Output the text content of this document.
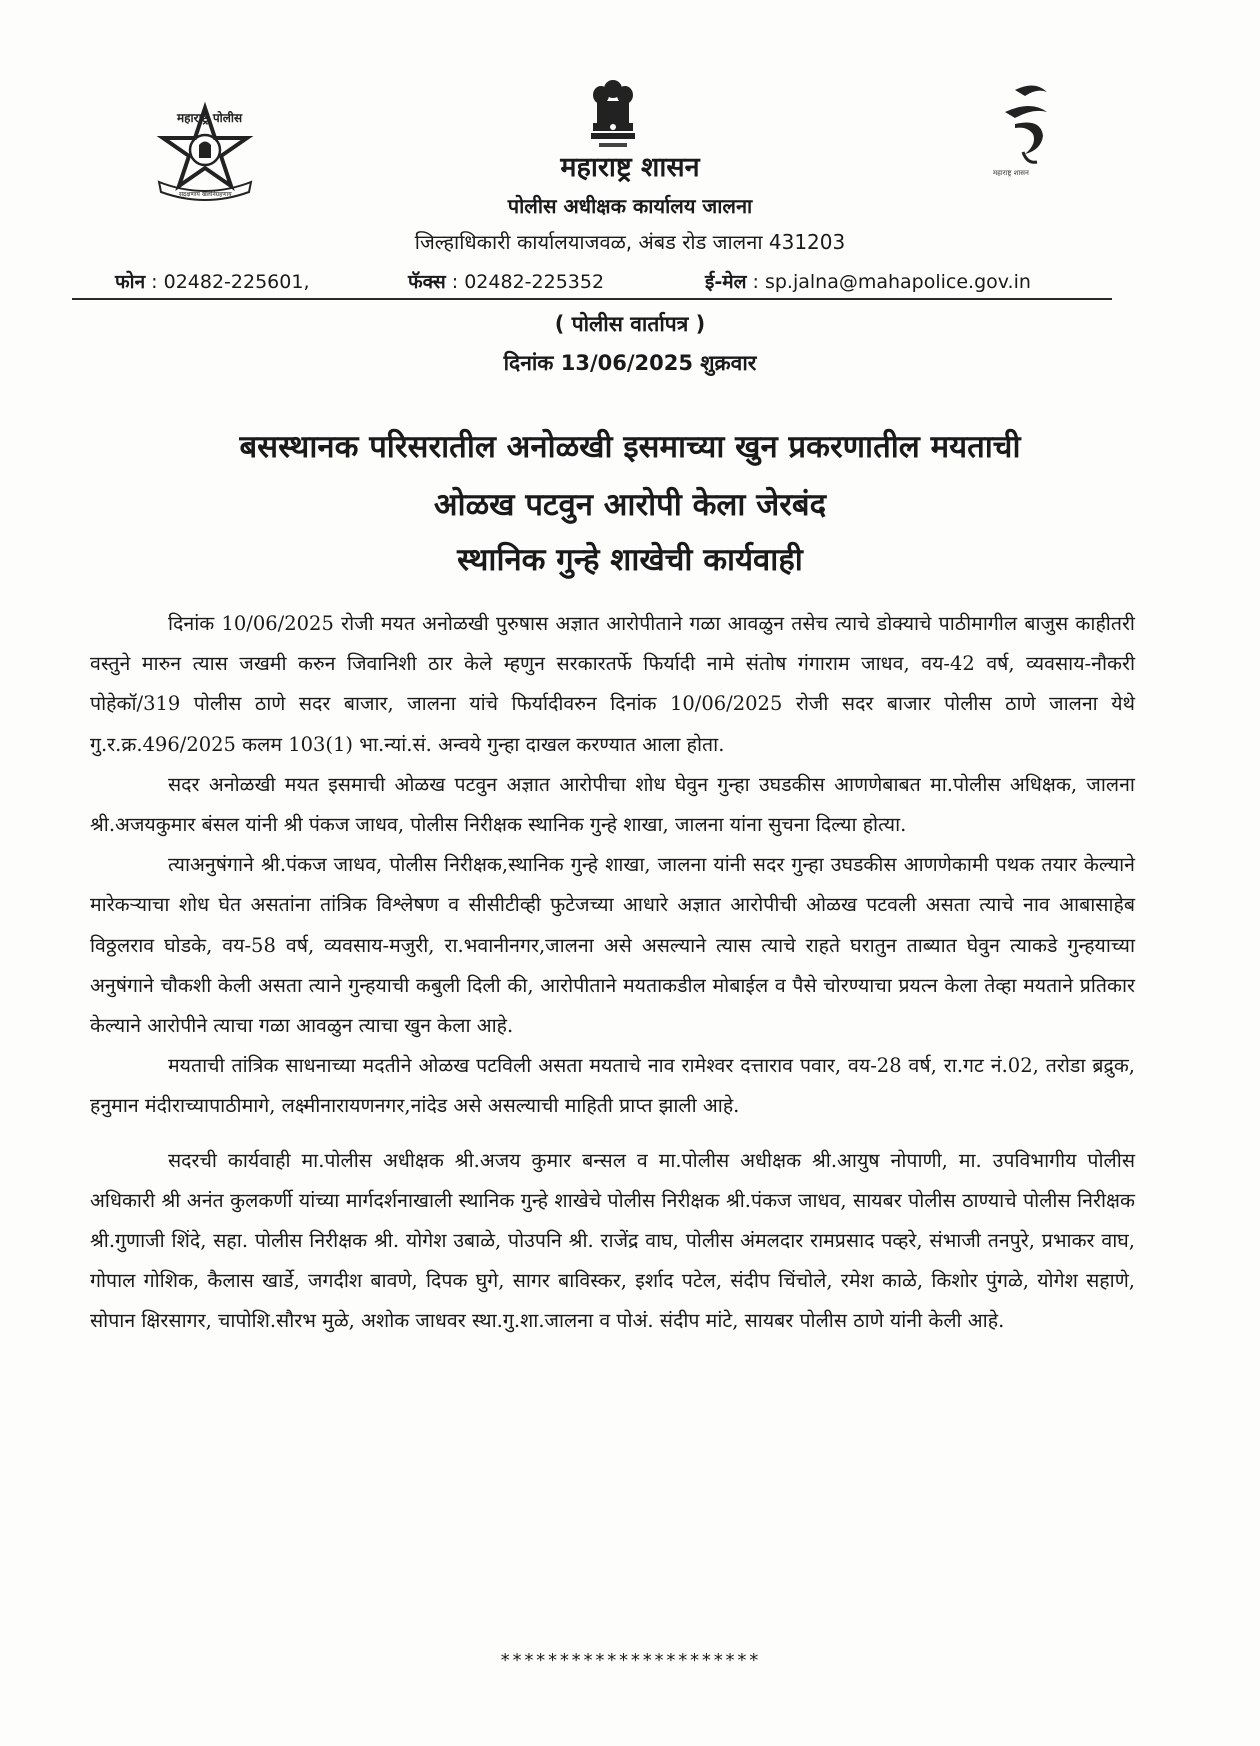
महाराष्ट्र पोलीस
सद्रक्षणाय खलनिग्रहणाय
महाराष्ट्र शासन
महाराष्ट्र शासन
पोलीस अधीक्षक कार्यालय जालना
जिल्हाधिकारी कार्यालयाजवळ, अंबड रोड जालना 431203
फोन : 02482-225601,	फॅक्स : 02482-225352	ई-मेल : sp.jalna@mahapolice.gov.in
( पोलीस वार्तापत्र )
दिनांक 13/06/2025 शुक्रवार
बसस्थानक परिसरातील अनोळखी इसमाच्या खुन प्रकरणातील मयताची
ओळख पटवुन आरोपी केला जेरबंद
स्थानिक गुन्हे शाखेची कार्यवाही

दिनांक 10/06/2025 रोजी मयत अनोळखी पुरुषास अज्ञात आरोपीताने गळा आवळुन तसेच त्याचे डोक्याचे पाठीमागील बाजुस काहीतरी वस्तुने मारुन त्यास जखमी करुन जिवानिशी ठार केले म्हणुन सरकारतर्फे फिर्यादी नामे संतोष गंगाराम जाधव, वय-42 वर्ष, व्यवसाय-नौकरी पोहेकॉ/319 पोलीस ठाणे सदर बाजार, जालना यांचे फिर्यादीवरुन दिनांक 10/06/2025 रोजी सदर बाजार पोलीस ठाणे जालना येथे गु.र.क्र.496/2025 कलम 103(1) भा.न्यां.सं. अन्वये गुन्हा दाखल करण्यात आला होता.

सदर अनोळखी मयत इसमाची ओळख पटवुन अज्ञात आरोपीचा शोध घेवुन गुन्हा उघडकीस आणणेबाबत मा.पोलीस अधिक्षक, जालना श्री.अजयकुमार बंसल यांनी श्री पंकज जाधव, पोलीस निरीक्षक स्थानिक गुन्हे शाखा, जालना यांना सुचना दिल्या होत्या.

त्याअनुषंगाने श्री.पंकज जाधव, पोलीस निरीक्षक,स्थानिक गुन्हे शाखा, जालना यांनी सदर गुन्हा उघडकीस आणणेकामी पथक तयार केल्याने मारेकऱ्याचा शोध घेत असतांना तांत्रिक विश्लेषण व सीसीटीव्ही फुटेजच्या आधारे अज्ञात आरोपीची ओळख पटवली असता त्याचे नाव आबासाहेब विठ्ठलराव घोडके, वय-58 वर्ष, व्यवसाय-मजुरी, रा.भवानीनगर,जालना असे असल्याने त्यास त्याचे राहते घरातुन ताब्यात घेवुन त्याकडे गुन्हयाच्या अनुषंगाने चौकशी केली असता त्याने गुन्हयाची कबुली दिली की, आरोपीताने मयताकडील मोबाईल व पैसे चोरण्याचा प्रयत्न केला तेव्हा मयताने प्रतिकार केल्याने आरोपीने त्याचा गळा आवळुन त्याचा खुन केला आहे.

मयताची तांत्रिक साधनाच्या मदतीने ओळख पटविली असता मयताचे नाव रामेश्वर दत्ताराव पवार, वय-28 वर्ष, रा.गट नं.02, तरोडा ब्रद्रुक, हनुमान मंदीराच्यापाठीमागे, लक्ष्मीनारायणनगर,नांदेड असे असल्याची माहिती प्राप्त झाली आहे.

सदरची कार्यवाही मा.पोलीस अधीक्षक श्री.अजय कुमार बन्सल व मा.पोलीस अधीक्षक श्री.आयुष नोपाणी, मा. उपविभागीय पोलीस अधिकारी श्री अनंत कुलकर्णी यांच्या मार्गदर्शनाखाली स्थानिक गुन्हे शाखेचे पोलीस निरीक्षक श्री.पंकज जाधव, सायबर पोलीस ठाण्याचे पोलीस निरीक्षक श्री.गुणाजी शिंदे, सहा. पोलीस निरीक्षक श्री. योगेश उबाळे, पोउपनि श्री. राजेंद्र वाघ, पोलीस अंमलदार रामप्रसाद पव्हरे, संभाजी तनपुरे, प्रभाकर वाघ, गोपाल गोशिक, कैलास खार्डे, जगदीश बावणे, दिपक घुगे, सागर बाविस्कर, इर्शाद पटेल, संदीप चिंचोले, रमेश काळे, किशोर पुंगळे, योगेश सहाणे, सोपान क्षिरसागर, चापोशि.सौरभ मुळे, अशोक जाधवर स्था.गु.शा.जालना व पोअं. संदीप मांटे, सायबर पोलीस ठाणे यांनी केली आहे.

**********************
